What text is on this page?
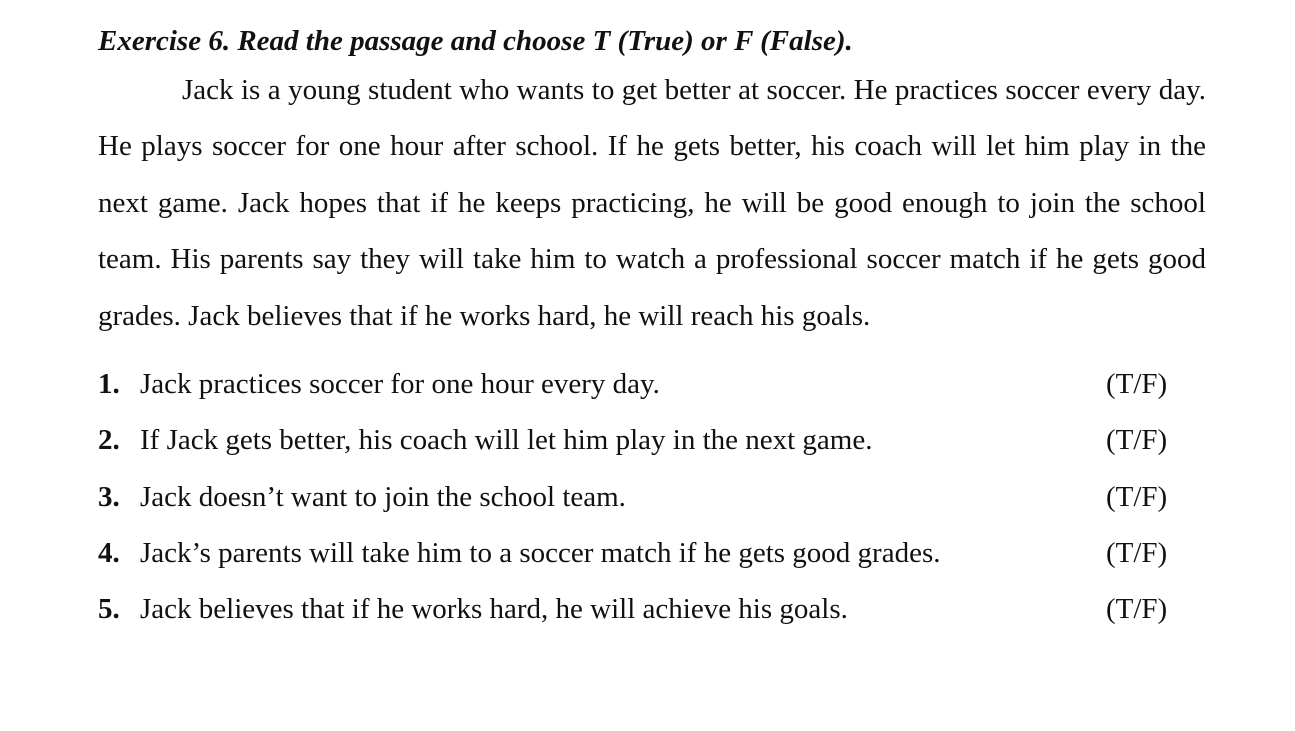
Exercise 6. Read the passage and choose T (True) or F (False).

Jack is a young student who wants to get better at soccer. He practices soccer every day. He plays soccer for one hour after school. If he gets better, his coach will let him play in the next game. Jack hopes that if he keeps practicing, he will be good enough to join the school team. His parents say they will take him to watch a professional soccer match if he gets good grades. Jack believes that if he works hard, he will reach his goals.

1. Jack practices soccer for one hour every day.	(T/F)
2. If Jack gets better, his coach will let him play in the next game.	(T/F)
3. Jack doesn’t want to join the school team.	(T/F)
4. Jack’s parents will take him to a soccer match if he gets good grades.	(T/F)
5. Jack believes that if he works hard, he will achieve his goals.	(T/F)
